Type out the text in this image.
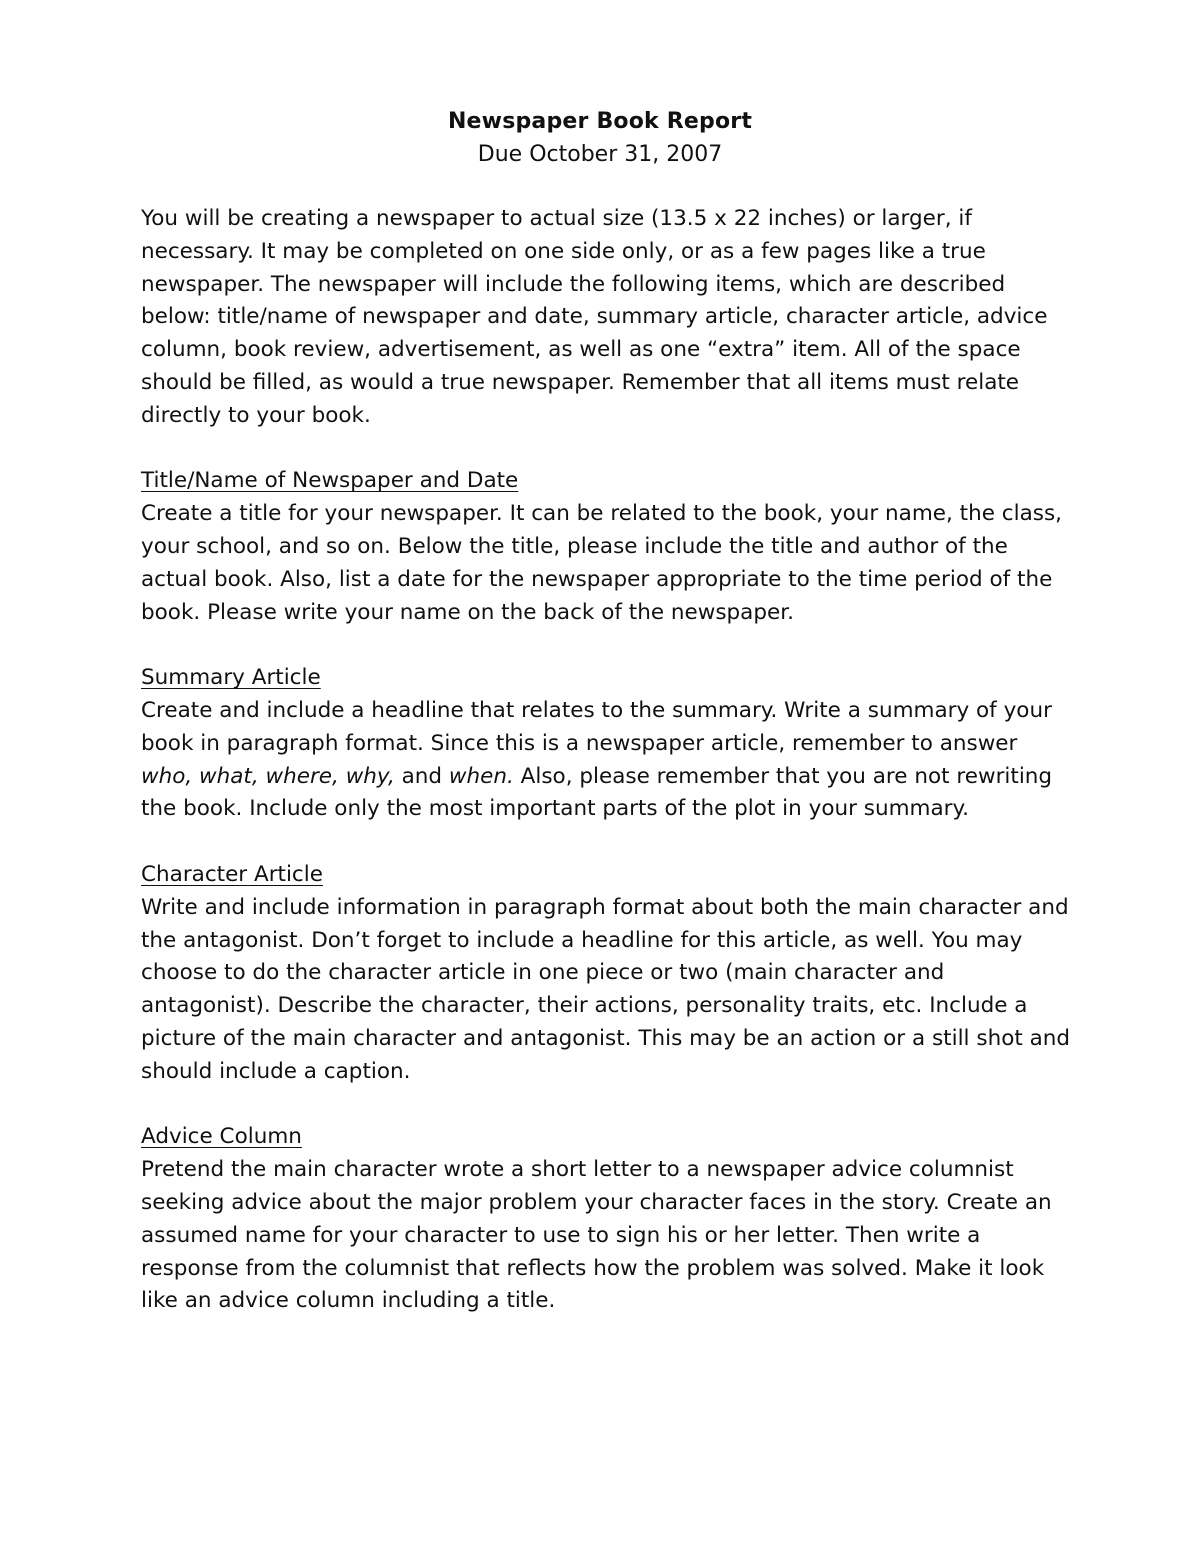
Newspaper Book Report
Due October 31, 2007

You will be creating a newspaper to actual size (13.5 x 22 inches) or larger, if necessary. It may be completed on one side only, or as a few pages like a true newspaper. The newspaper will include the following items, which are described below: title/name of newspaper and date, summary article, character article, advice column, book review, advertisement, as well as one “extra” item. All of the space should be filled, as would a true newspaper. Remember that all items must relate directly to your book.

Title/Name of Newspaper and Date

Create a title for your newspaper. It can be related to the book, your name, the class, your school, and so on. Below the title, please include the title and author of the actual book. Also, list a date for the newspaper appropriate to the time period of the book. Please write your name on the back of the newspaper.

Summary Article

Create and include a headline that relates to the summary. Write a summary of your book in paragraph format. Since this is a newspaper article, remember to answer who, what, where, why, and when. Also, please remember that you are not rewriting the book. Include only the most important parts of the plot in your summary.

Character Article

Write and include information in paragraph format about both the main character and the antagonist. Don’t forget to include a headline for this article, as well. You may choose to do the character article in one piece or two (main character and antagonist). Describe the character, their actions, personality traits, etc. Include a picture of the main character and antagonist. This may be an action or a still shot and should include a caption.

Advice Column

Pretend the main character wrote a short letter to a newspaper advice columnist seeking advice about the major problem your character faces in the story. Create an assumed name for your character to use to sign his or her letter. Then write a response from the columnist that reflects how the problem was solved. Make it look like an advice column including a title.
